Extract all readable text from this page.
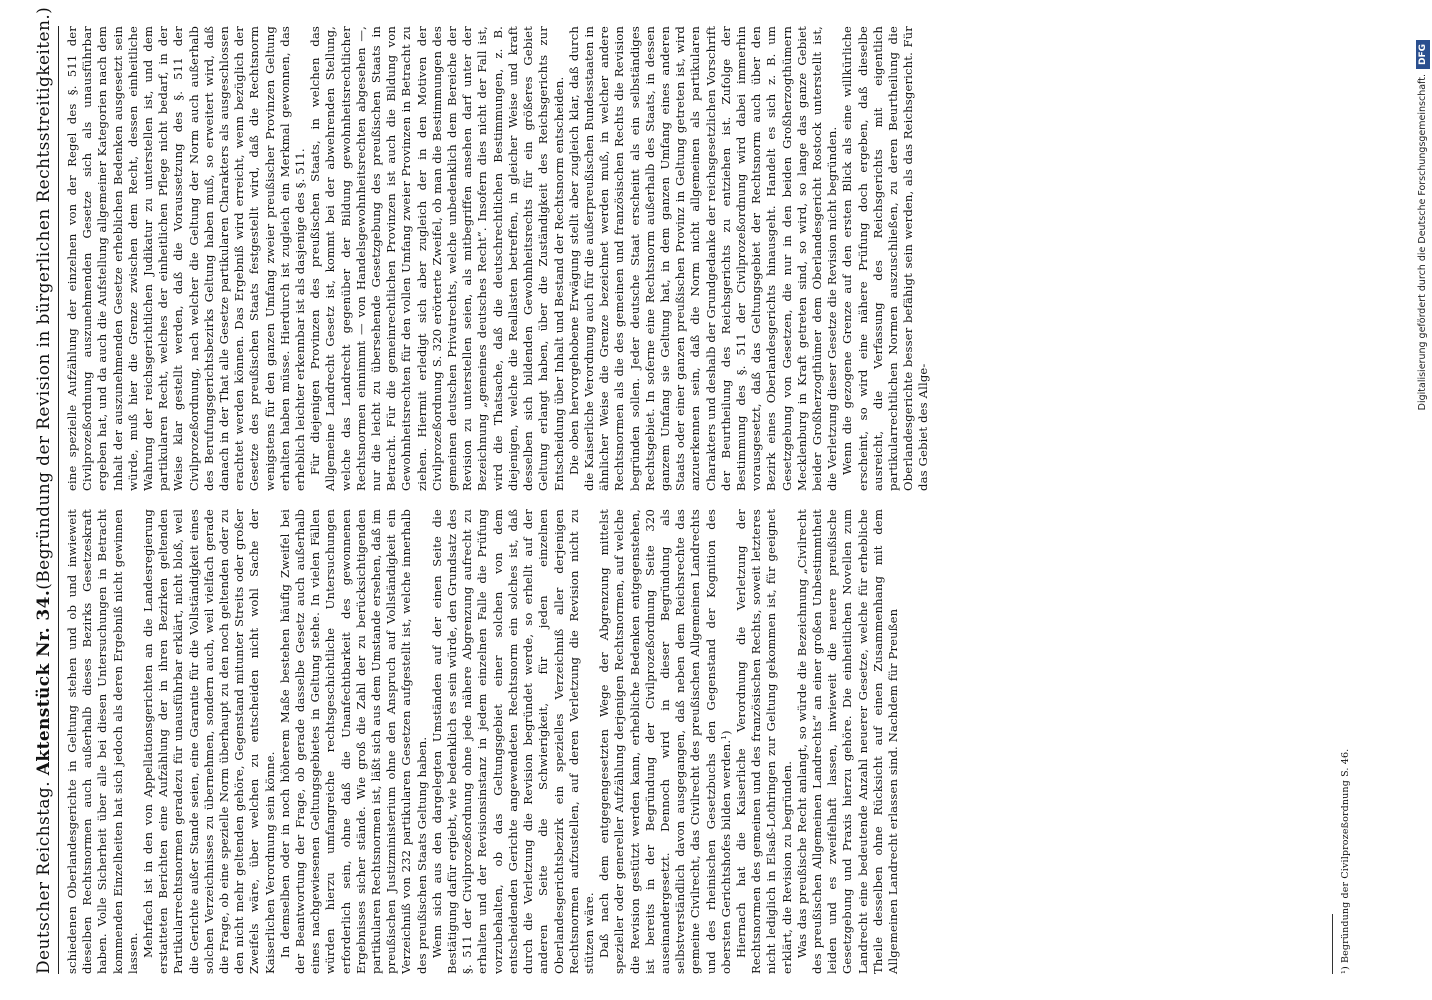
Deutscher Reichstag. Aktenstück Nr. 34.
(Begründung der Revision in bürgerlichen Rechtsstreitigkeiten.)

schiedenen Oberlandesgerichte in Geltung stehen und ob und inwieweit dieselben Rechtsnormen auch außerhalb dieses Bezirks Gesetzeskraft haben. Volle Sicherheit über alle bei diesen Untersuchungen in Betracht kommenden Einzelheiten hat sich jedoch als deren Ergebniß nicht gewinnen lassen. Mehrfach ist in den von Appellationsgerichten an die Landesregierung erstatteten Berichten eine Aufzählung der in ihren Bezirken geltenden Partikularrechtsnormen geradezu für unausführbar erklärt, nicht bloß, weil die Gerichte außer Stande seien, eine Garantie für die Vollständigkeit eines solchen Verzeichnisses zu übernehmen, sondern auch, weil vielfach gerade die Frage, ob eine spezielle Norm überhaupt zu den noch geltenden oder zu den nicht mehr geltenden gehöre, Gegenstand mitunter Streits oder großer Zweifels wäre, über welchen zu entscheiden nicht wohl Sache der Kaiserlichen Verordnung sein könne. In demselben oder in noch höherem Maße bestehen häufig Zweifel bei der Beantwortung der Frage, ob gerade dasselbe Gesetz auch außerhalb eines nachgewiesenen Geltungsgebietes in Geltung stehe. In vielen Fällen würden hierzu umfangreiche rechtsgeschichtliche Untersuchungen erforderlich sein, ohne daß die Unanfechtbarkeit des gewonnenen Ergebnisses sicher stände. Wie groß die Zahl der zu berücksichtigenden partikularen Rechtsnormen ist, läßt sich aus dem Umstande ersehen, daß im preußischen Justizministerium ohne den Anspruch auf Vollständigkeit ein Verzeichniß von 232 partikularen Gesetzen aufgestellt ist, welche innerhalb des preußischen Staats Geltung haben. Wenn sich aus den dargelegten Umständen auf der einen Seite die Bestätigung dafür ergiebt, wie bedenklich es sein würde, den Grundsatz des §. 511 der Civilprozeßordnung ohne jede nähere Abgrenzung aufrecht zu erhalten und der Revisionsinstanz in jedem einzelnen Falle die Prüfung vorzubehalten, ob das Geltungsgebiet einer solchen von dem entscheidenden Gerichte angewendeten Rechtsnorm ein solches ist, daß durch die Verletzung die Revision begründet werde, so erhellt auf der anderen Seite die Schwierigkeit, für jeden einzelnen Oberlandesgerichtsbezirk ein spezielles Verzeichniß aller derjenigen Rechtsnormen aufzustellen, auf deren Verletzung die Revision nicht zu stützen wäre. Daß nach dem entgegengesetzten Wege der Abgrenzung mittelst spezieller oder genereller Aufzählung derjenigen Rechtsnormen, auf welche die Revision gestützt werden kann, erhebliche Bedenken entgegenstehen, ist bereits in der Begründung der Civilprozeßordnung Seite 320 auseinandergesetzt. Dennoch wird in dieser Begründung als selbstverständlich davon ausgegangen, daß neben dem Reichsrechte das gemeine Civilrecht, das Civilrecht des preußischen Allgemeinen Landrechts und des rheinischen Gesetzbuchs den Gegenstand der Kognition des obersten Gerichtshofes bilden werden.¹) Hiernach hat die Kaiserliche Verordnung die Verletzung der Rechtsnormen des gemeinen und des französischen Rechts, soweit letzteres nicht lediglich in Elsaß-Lothringen zur Geltung gekommen ist, für geeignet erklärt, die Revision zu begründen. Was das preußische Recht anlangt, so würde die Bezeichnung „Civilrecht des preußischen Allgemeinen Landrechts“ an einer großen Unbestimmtheit leiden und es zweifelhaft lassen, inwieweit die neuere preußische Gesetzgebung und Praxis hierzu gehöre. Die einheitlichen Novellen zum Landrecht eine bedeutende Anzahl neuerer Gesetze, welche für erhebliche Theile desselben ohne Rücksicht auf einen Zusammenhang mit dem Allgemeinen Landrecht erlassen sind. Nachdem für Preußen	¹) Begründung der Civilprozeßordnung S. 46.

eine spezielle Aufzählung der einzelnen von der Regel des §. 511 der Civilprozeßordnung auszunehmenden Gesetze sich als unausführbar ergeben hat, und da auch die Aufstellung allgemeiner Kategorien nach dem Inhalt der auszunehmenden Gesetze erheblichen Bedenken ausgesetzt sein würde, muß hier die Grenze zwischen dem Recht, dessen einheitliche Wahrung der reichsgerichtlichen Judikatur zu unterstellen ist, und dem partikularen Recht, welches der einheitlichen Pflege nicht bedarf, in der Weise klar gestellt werden, daß die Voraussetzung des §. 511 der Civilprozeßordnung, nach welcher die Geltung der Norm auch außerhalb des Berufungsgerichtsbezirks Geltung haben muß, so erweitert wird, daß danach in der That alle Gesetze partikularen Charakters als ausgeschlossen erachtet werden können. Das Ergebniß wird erreicht, wenn bezüglich der Gesetze des preußischen Staats festgestellt wird, daß die Rechtsnorm wenigstens für den ganzen Umfang zweier preußischer Provinzen Geltung erhalten haben müsse. Hierdurch ist zugleich ein Merkmal gewonnen, das erheblich leichter erkennbar ist als dasjenige des §. 511. Für diejenigen Provinzen des preußischen Staats, in welchen das Allgemeine Landrecht Gesetz ist, kommt bei der abwehrenden Stellung, welche das Landrecht gegenüber der Bildung gewohnheitsrechtlicher Rechtsnormen einnimmt — von Handelsgewohnheitsrechten abgesehen —, nur die leicht zu übersehende Gesetzgebung des preußischen Staats in Betracht. Für die gemeinrechtlichen Provinzen ist auch die Bildung von Gewohnheitsrechten für den vollen Umfang zweier Provinzen in Betracht zu ziehen. Hiermit erledigt sich aber zugleich der in den Motiven der Civilprozeßordnung S. 320 erörterte Zweifel, ob man die Bestimmungen des gemeinen deutschen Privatrechts, welche unbedenklich dem Bereiche der Revision zu unterstellen seien, als mitbegriffen ansehen darf unter der Bezeichnung „gemeines deutsches Recht“. Insofern dies nicht der Fall ist, wird die Thatsache, daß die deutschrechtlichen Bestimmungen, z. B. diejenigen, welche die Reallasten betreffen, in gleicher Weise und kraft desselben sich bildenden Gewohnheitsrechts für ein größeres Gebiet Geltung erlangt haben, über die Zuständigkeit des Reichsgerichts zur Entscheidung über Inhalt und Bestand der Rechtsnorm entscheiden. Die oben hervorgehobene Erwägung stellt aber zugleich klar, daß durch die Kaiserliche Verordnung auch für die außerpreußischen Bundesstaaten in ähnlicher Weise die Grenze bezeichnet werden muß, in welcher andere Rechtsnormen als die des gemeinen und französischen Rechts die Revision begründen sollen. Jeder deutsche Staat erscheint als ein selbständiges Rechtsgebiet. In soferne eine Rechtsnorm außerhalb des Staats, in dessen ganzem Umfang sie Geltung hat, in dem ganzen Umfang eines anderen Staats oder einer ganzen preußischen Provinz in Geltung getreten ist, wird anzuerkennen sein, daß die Norm nicht allgemeinen als partikularen Charakters und deshalb der Grundgedanke der reichsgesetzlichen Vorschrift der Beurtheilung des Reichsgerichts zu entziehen ist. Zufolge der Bestimmung des §. 511 der Civilprozeßordnung wird dabei immerhin vorausgesetzt, daß das Geltungsgebiet der Rechtsnorm auch über den Bezirk eines Oberlandesgerichts hinausgeht. Handelt es sich z. B. um Gesetzgebung von Gesetzen, die nur in den beiden Großherzogthümern Mecklenburg in Kraft getreten sind, so wird, so lange das ganze Gebiet beider Großherzogthümer dem Oberlandesgericht Rostock unterstellt ist, die Verletzung dieser Gesetze die Revision nicht begründen. Wenn die gezogene Grenze auf den ersten Blick als eine willkürliche erscheint, so wird eine nähere Prüfung doch ergeben, daß dieselbe ausreicht, die Verfassung des Reichsgerichts mit eigentlich partikularrechtlichen Normen auszuschließen, zu deren Beurtheilung die Oberlandesgerichte besser befähigt sein werden, als das Reichsgericht. Für das Gebiet des Allge-

Digitalisierung gefördert durch die Deutsche Forschungsgemeinschaft.DFG
